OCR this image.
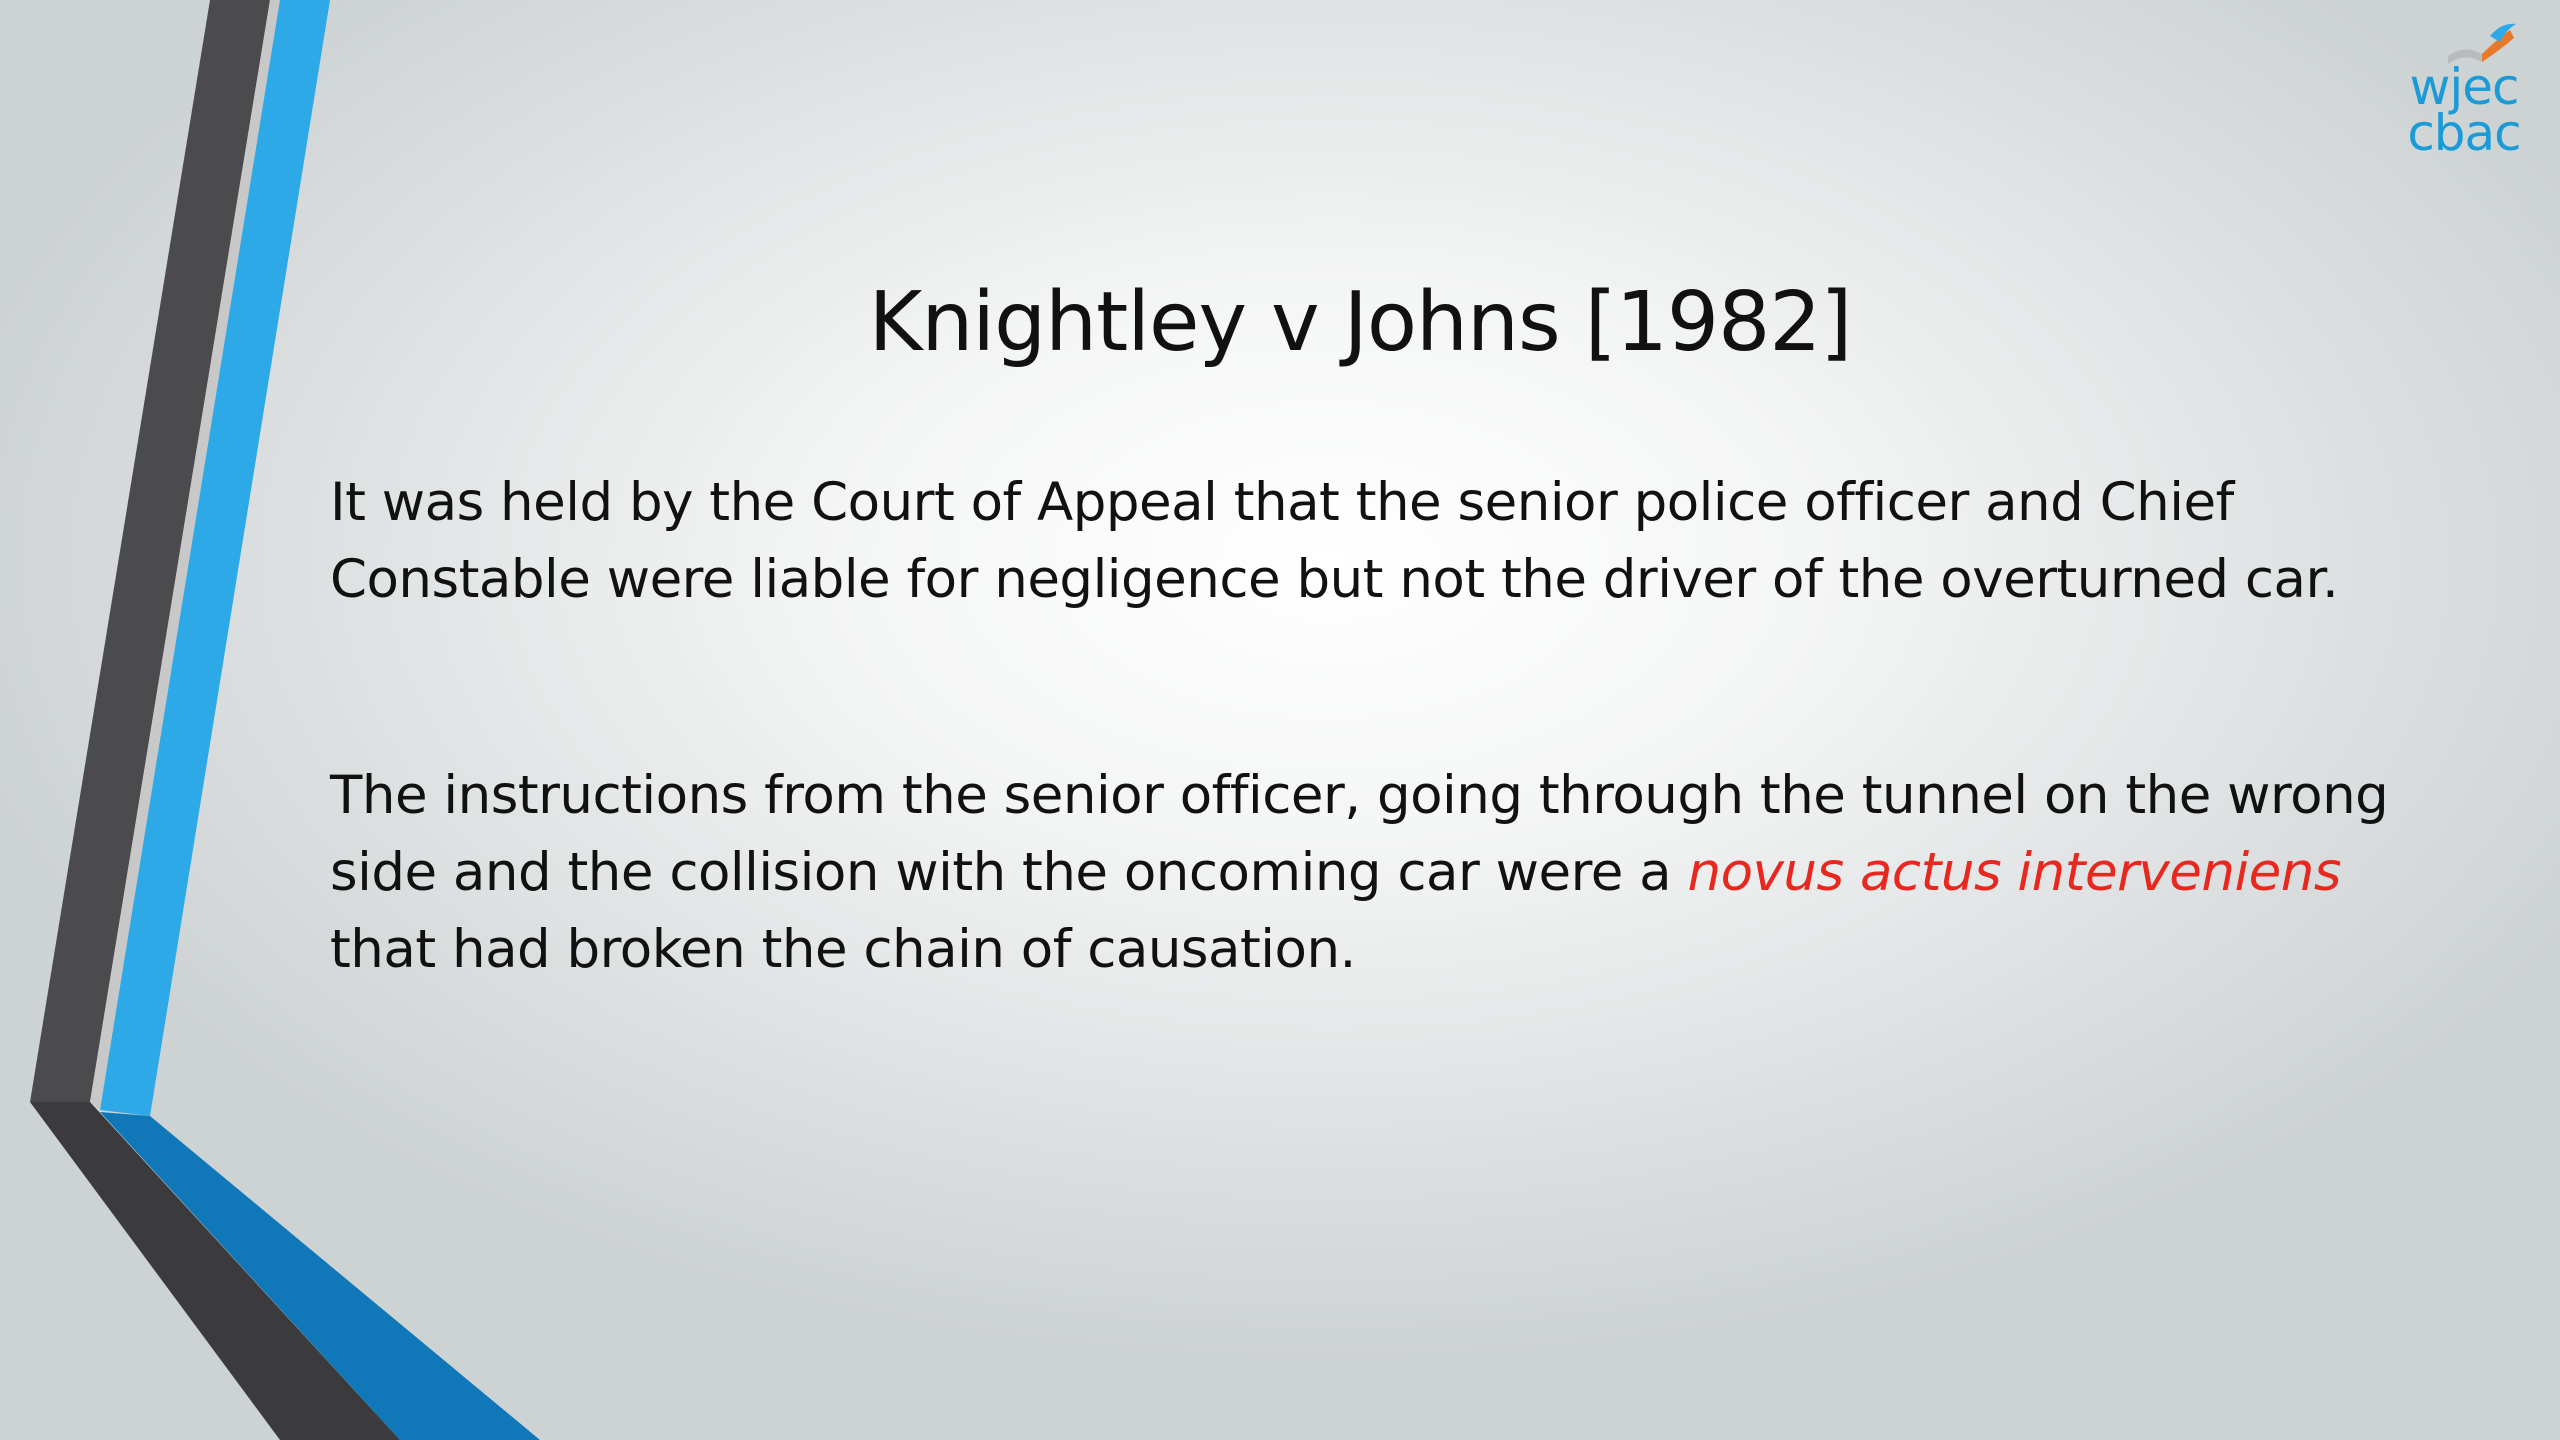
wjec
cbac
Knightley v Johns [1982]
It was held by the Court of Appeal that the senior police officer and Chief Constable were liable for negligence but not the driver of the overturned car.
The instructions from the senior officer, going through the tunnel on the wrong side and the collision with the oncoming car were a novus actus interveniens that had broken the chain of causation.
